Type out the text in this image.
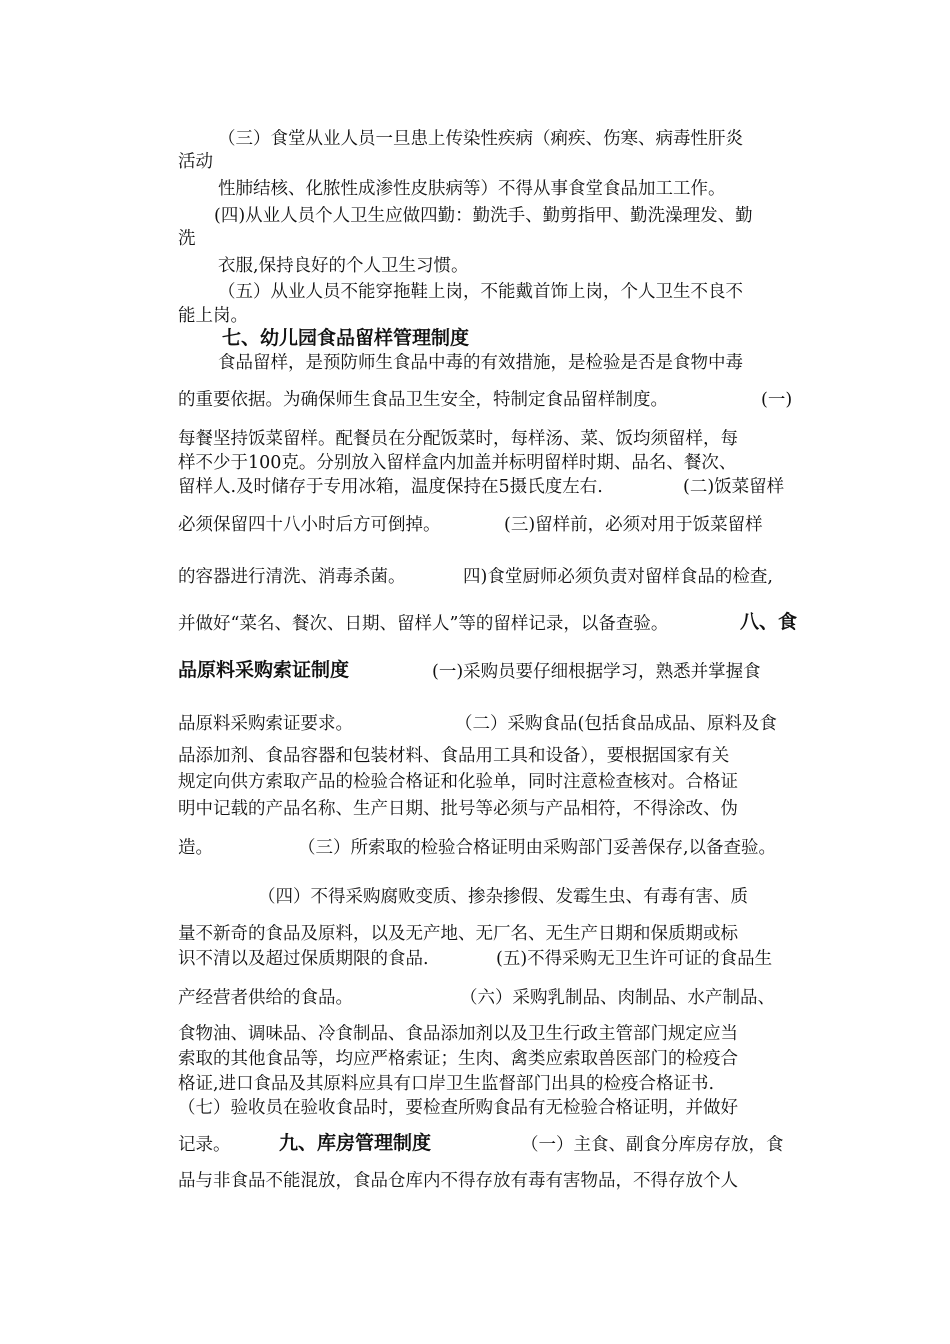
（三）食堂从业人员一旦患上传染性疾病（痢疾、伤寒、病毒性肝炎
活动
性肺结核、化脓性成渗性皮肤病等）不得从事食堂食品加工工作。
(四)从业人员个人卫生应做四勤：勤洗手、勤剪指甲、勤洗澡理发、勤
洗
衣服,保持良好的个人卫生习惯。
（五）从业人员不能穿拖鞋上岗，不能戴首饰上岗，个人卫生不良不
能上岗。
七、幼儿园食品留样管理制度
食品留样，是预防师生食品中毒的有效措施，是检验是否是食物中毒
的重要依据。为确保师生食品卫生安全，特制定食品留样制度。	(一)
每餐坚持饭菜留样。配餐员在分配饭菜时，每样汤、菜、饭均须留样，每
样不少于100克。分别放入留样盒内加盖并标明留样时期、品名、餐次、
留样人.及时储存于专用冰箱，温度保持在5摄氏度左右.	(二)饭菜留样
必须保留四十八小时后方可倒掉。	(三)留样前，必须对用于饭菜留样
的容器进行清洗、消毒杀菌。	四)食堂厨师必须负责对留样食品的检查,
并做好“菜名、餐次、日期、留样人”等的留样记录，以备查验。	八、食
品原料采购索证制度	(一)采购员要仔细根据学习，熟悉并掌握食
品原料采购索证要求。	（二）采购食品(包括食品成品、原料及食
品添加剂、食品容器和包装材料、食品用工具和设备），要根据国家有关
规定向供方索取产品的检验合格证和化验单，同时注意检查核对。合格证
明中记载的产品名称、生产日期、批号等必须与产品相符，不得涂改、伪
造。	（三）所索取的检验合格证明由采购部门妥善保存,以备查验。
（四）不得采购腐败变质、掺杂掺假、发霉生虫、有毒有害、质
量不新奇的食品及原料，以及无产地、无厂名、无生产日期和保质期或标
识不清以及超过保质期限的食品.	(五)不得采购无卫生许可证的食品生
产经营者供给的食品。	（六）采购乳制品、肉制品、水产制品、
食物油、调味品、冷食制品、食品添加剂以及卫生行政主管部门规定应当
索取的其他食品等，均应严格索证；生肉、禽类应索取兽医部门的检疫合
格证,进口食品及其原料应具有口岸卫生监督部门出具的检疫合格证书.
（七）验收员在验收食品时，要检查所购食品有无检验合格证明，并做好
记录。	九、库房管理制度	（一）主食、副食分库房存放，食
品与非食品不能混放，食品仓库内不得存放有毒有害物品，不得存放个人
